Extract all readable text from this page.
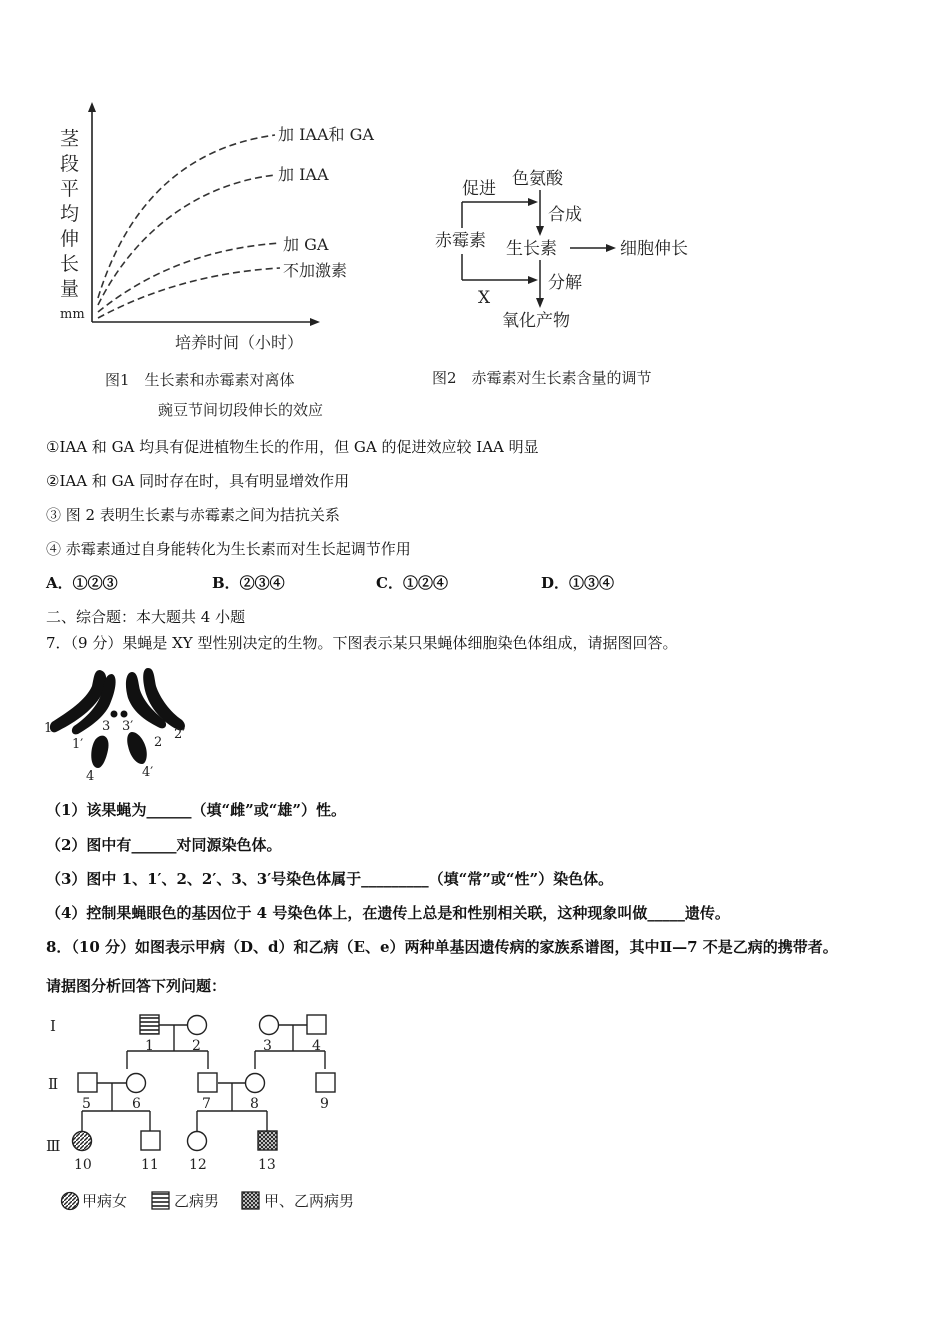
茎
段
平
均
伸
长
量
mm
加 IAA和 GA
加 IAA
加 GA
不加激素
培养时间（小时）
图1　生长素和赤霉素对离体
豌豆节间切段伸长的效应
促进 色氨酸
合成
赤霉素 生长素	细胞伸长
X
分解
氧化产物
图2　赤霉素对生长素含量的调节
①IAA 和 GA 均具有促进植物生长的作用，但 GA 的促进效应较 IAA 明显
②IAA 和 GA 同时存在时，具有明显增效作用
③ 图 2 表明生长素与赤霉素之间为拮抗关系
④ 赤霉素通过自身能转化为生长素而对生长起调节作用
A．①②③	B．②③④	C．①②④	D．①③④
二、综合题：本大题共 4 小题
7．（9 分）果蝇是 XY 型性别决定的生物。下图表示某只果蝇体细胞染色体组成，请据图回答。
1
1′
3 3′
2
2′
4	4′
（1）该果蝇为______（填“雌”或“雄”）性。
（2）图中有______对同源染色体。
（3）图中 1、1′、2、2′、3、3′号染色体属于_________（填“常”或“性”）染色体。
（4）控制果蝇眼色的基因位于 4 号染色体上，在遗传上总是和性别相关联，这种现象叫做_____遗传。
8．（10 分）如图表示甲病（D、d）和乙病（E、e）两种单基因遗传病的家族系谱图，其中Ⅱ—7 不是乙病的携带者。
请据图分析回答下列问题：
Ⅰ
Ⅱ
Ⅲ
1	2	3	4
5	6	7	8	9
10	11 12	13
甲病女	乙病男	甲、乙两病男
